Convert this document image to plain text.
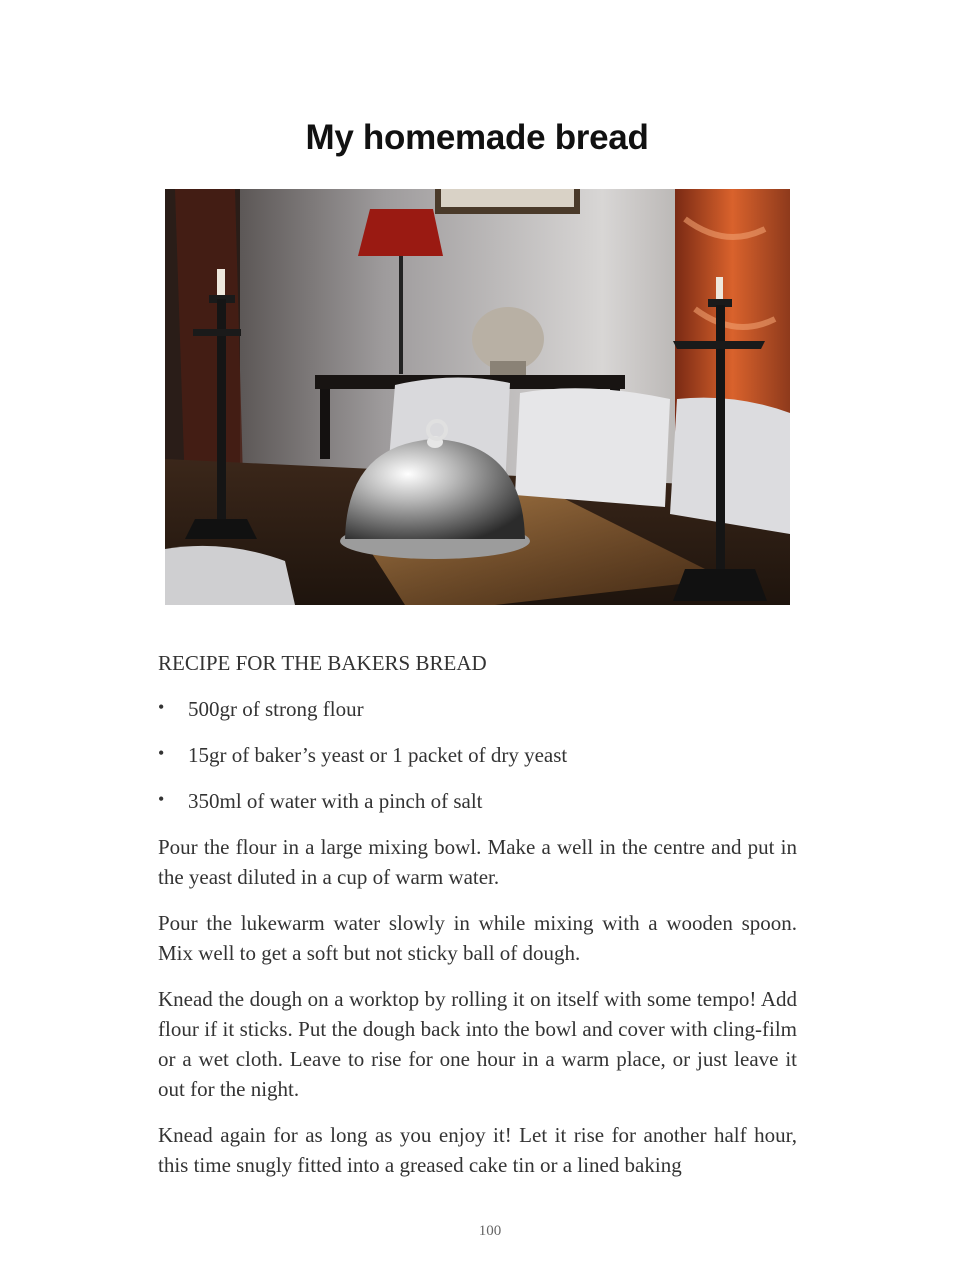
My homemade bread
RECIPE FOR THE BAKERS BREAD
• 500gr of strong flour
• 15gr of baker’s yeast or 1 packet of dry yeast
• 350ml of water with a pinch of salt

Pour the flour in a large mixing bowl. Make a well in the centre and put in the yeast diluted in a cup of warm water.

Pour the lukewarm water slowly in while mixing with a wooden spoon. Mix well to get a soft but not sticky ball of dough.

Knead the dough on a worktop by rolling it on itself with some tempo! Add flour if it sticks. Put the dough back into the bowl and cover with cling-film or a wet cloth. Leave to rise for one hour in a warm place, or just leave it out for the night.

Knead again for as long as you enjoy it! Let it rise for another half hour, this time snugly fitted into a greased cake tin or a lined baking

100
